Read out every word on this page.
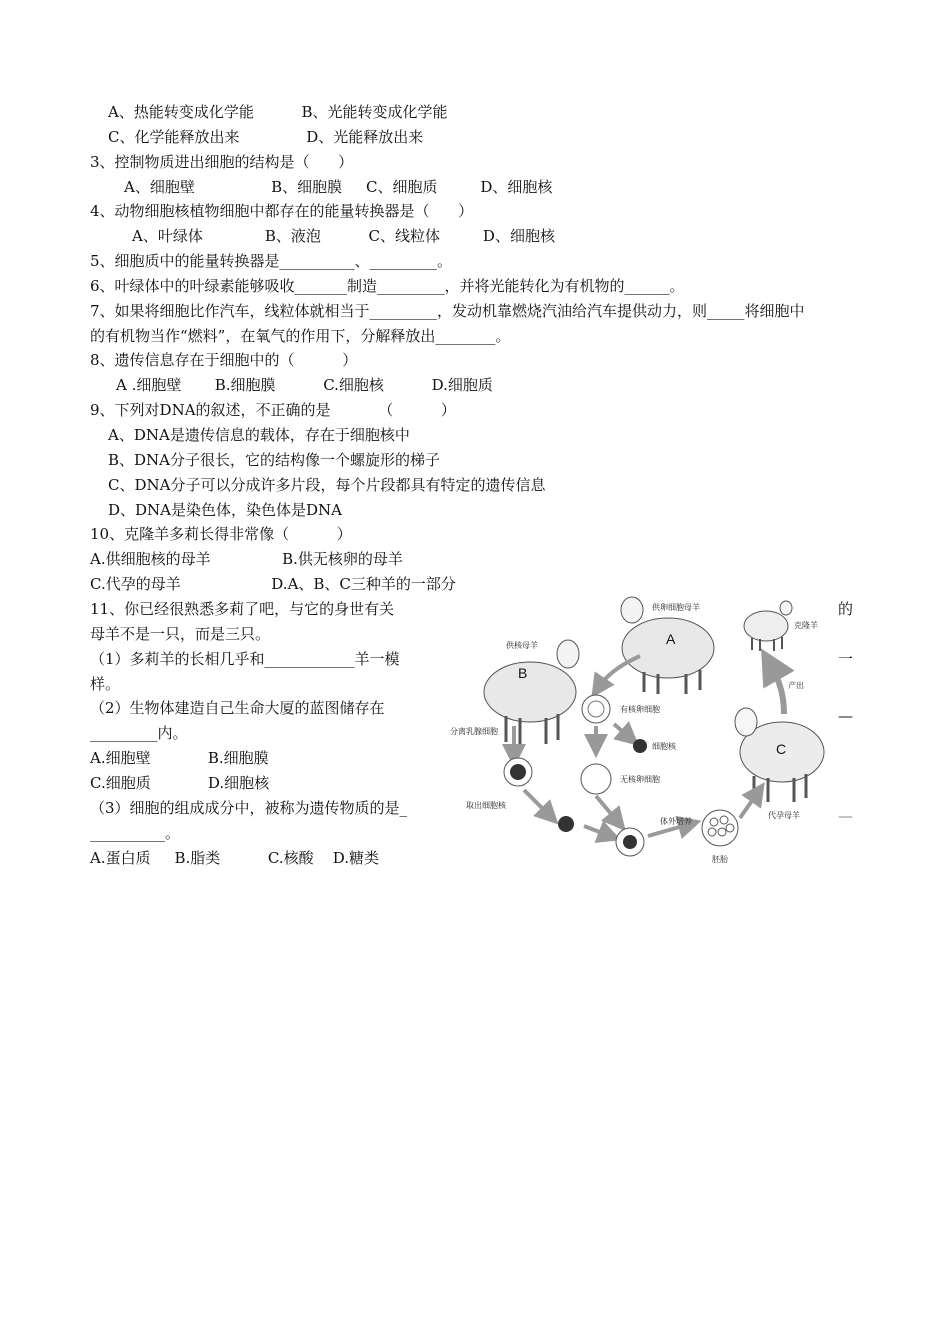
A、热能转变成化学能          B、光能转变成化学能
C、化学能释放出来              D、光能释放出来
3、控制物质进出细胞的结构是（      ）
A、细胞壁                B、细胞膜     C、细胞质         D、细胞核
4、动物细胞核植物细胞中都存在的能量转换器是（      ）
A、叶绿体             B、液泡          C、线粒体         D、细胞核
5、细胞质中的能量转换器是__________、_________。
6、叶绿体中的叶绿素能够吸收_______制造_________，并将光能转化为有机物的______。
7、如果将细胞比作汽车，线粒体就相当于_________，发动机靠燃烧汽油给汽车提供动力，则_____将细胞中
的有机物当作“燃料”，在氧气的作用下，分解释放出________。
8、遗传信息存在于细胞中的（          ）
A .细胞壁       B.细胞膜          C.细胞核          D.细胞质
9、下列对DNA的叙述，不正确的是          （          ）
A、DNA是遗传信息的载体，存在于细胞核中
B、DNA分子很长，它的结构像一个螺旋形的梯子
C、DNA分子可以分成许多片段，每个片段都具有特定的遗传信息
D、DNA是染色体，染色体是DNA
10、克隆羊多莉长得非常像（          ）
A.供细胞核的母羊               B.供无核卵的母羊
C.代孕的母羊                   D.A、B、C三种羊的一部分
11、你已经很熟悉多莉了吧，与它的身世有关
母羊不是一只，而是三只。
（1）多莉羊的长相几乎和____________羊一模
样。
（2）生物体建造自己生命大厦的蓝图储存在
_________内。
A.细胞壁            B.细胞膜
C.细胞质            D.细胞核
（3）细胞的组成成分中，被称为遗传物质的是_
__________。
A.蛋白质     B.脂类          C.核酸    D.糖类
的
一
—
—
B
供核母羊	A
供卵细胞母羊
克隆羊
C
代孕母羊
产出
有核卵细胞
细胞核
无核卵细胞
分离乳腺细胞
取出细胞核
体外培养
胚胎
